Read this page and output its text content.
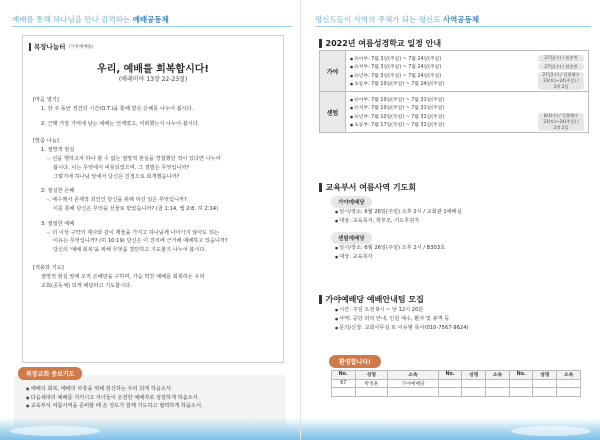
예배를 통해 하나님을 만나 감격하는 예배공동체
목장나눔터 (가정예배용)
우리, 예배를 회복합시다!
(예레미야 13장 22-23절)
[마음 열기]
1. 한 주 동안 경건의 시간(Q.T.)을 통해 받은 은혜를 나누어 봅시다.
2. 근래 가장 가억에 남는 예배는 언제였고, 어떠했는지 나누어 봅시다.
[말씀 나눔]
1. 절망적 현실
-. 선을 행하고자 하나 할 수 없는 절망적 현실을 경험했던 적이 있다면 나누어
봅시다. 이는 무엇에서 비롯되었으며, 그 결말은 무엇입니까?
그렇기에 하나님 앞에서 당신은 진정으로 회개했습니까?
2. 절실한 은혜
-. 예수께서 존재적 죄인인 당신을 위해 하신 일은 무엇입니까?
이를 통해 당신은 무엇을 선물로 받았습니까? (골 1:14, 엡 2:8, 히 2:14)
3. 절절한 예배
-. 더 이상 구약의 제사와 같이 제물을 가지고 하나님께 나아가지 않아도 되는
이유는 무엇입니까? (히 10:19) 당신은 이 진리에 근거해 예배하고 있습니까?
당신의 '예배 회복'을 위해 무엇을 결단하고 기도할지 나누어 봅시다.
[적용과 기도]
절망적 현실 앞에 오직 은혜만을 구하며, 가슴 벅찬 예배를 회복하는 우리
교회(공동체) 되게 해달라고 기도합시다.
목장교회 중보기도
● 예배의 회복, 예배의 부흥을 위해 헌신하는 우리 되게 하옵소서.
● 다음세대의 예배를 지키시고 자녀들이 온전한 예배자로 성장하게 하옵소서.
● 교육부서 여름사역을 준비할 때 온 성도가 함께 기도하고 협력하게 하옵소서.
평신도들이 사역의 주체가 되는 평신도 사역공동체
2022년 여름성경학교 일정 안내
가야
● 유아부: 7월 3일(주일) ~ 7월 24일(주일)	27일(수) / 월송변
● 유치부: 7월 3일(주일) ~ 7월 24일(주일)	27일(수) / 월송변
● 유년부: 7월 3일(주일) ~ 7월 24일(주일)	27일(수) / 일광해수
● 초등부: 7월 10일(주일) ~ 7월 24일(주일)
23(토)~24(주일) / 1박 2일
센텀
● 유아부: 7월 10일(주일) ~ 7월 31일(주일)
● 유치부: 7월 10일(주일) ~ 7월 31일(주일)
● 유년부: 7월 10일(주일) ~ 7월 31일(주일)	8/3(수) / 일광해수
● 초등부: 7월 17일(주일) ~ 7월 31일(주일)
23(토)~24(주일) / 1박 2일
교육부서 여름사역 기도회
가야예배당
● 일시/장소: 6월 26일(주일) 오후 2시 / 교회관 1예배실
● 대상: 교육목자, 학부모, 기도후원자
센텀예배당
● 일시/장소: 6월 26일(주일) 오후 2시 / B303호
● 대상: 교육목자
가야예배당 예배안내팀 모집
● 시간: 주일 오전 9시 ~ 낮 12시 20분
● 사역: 공당 외석 안내, 인원 체수, 환자 및 봉역 등
● 문의/신청: 교회사무실 또 이유범 목사(010-7567-9624)
환영합니다!
No.	성명	소속	No.	성명	소속	No.	성명	소속
67	박정훈	가야예배당						
